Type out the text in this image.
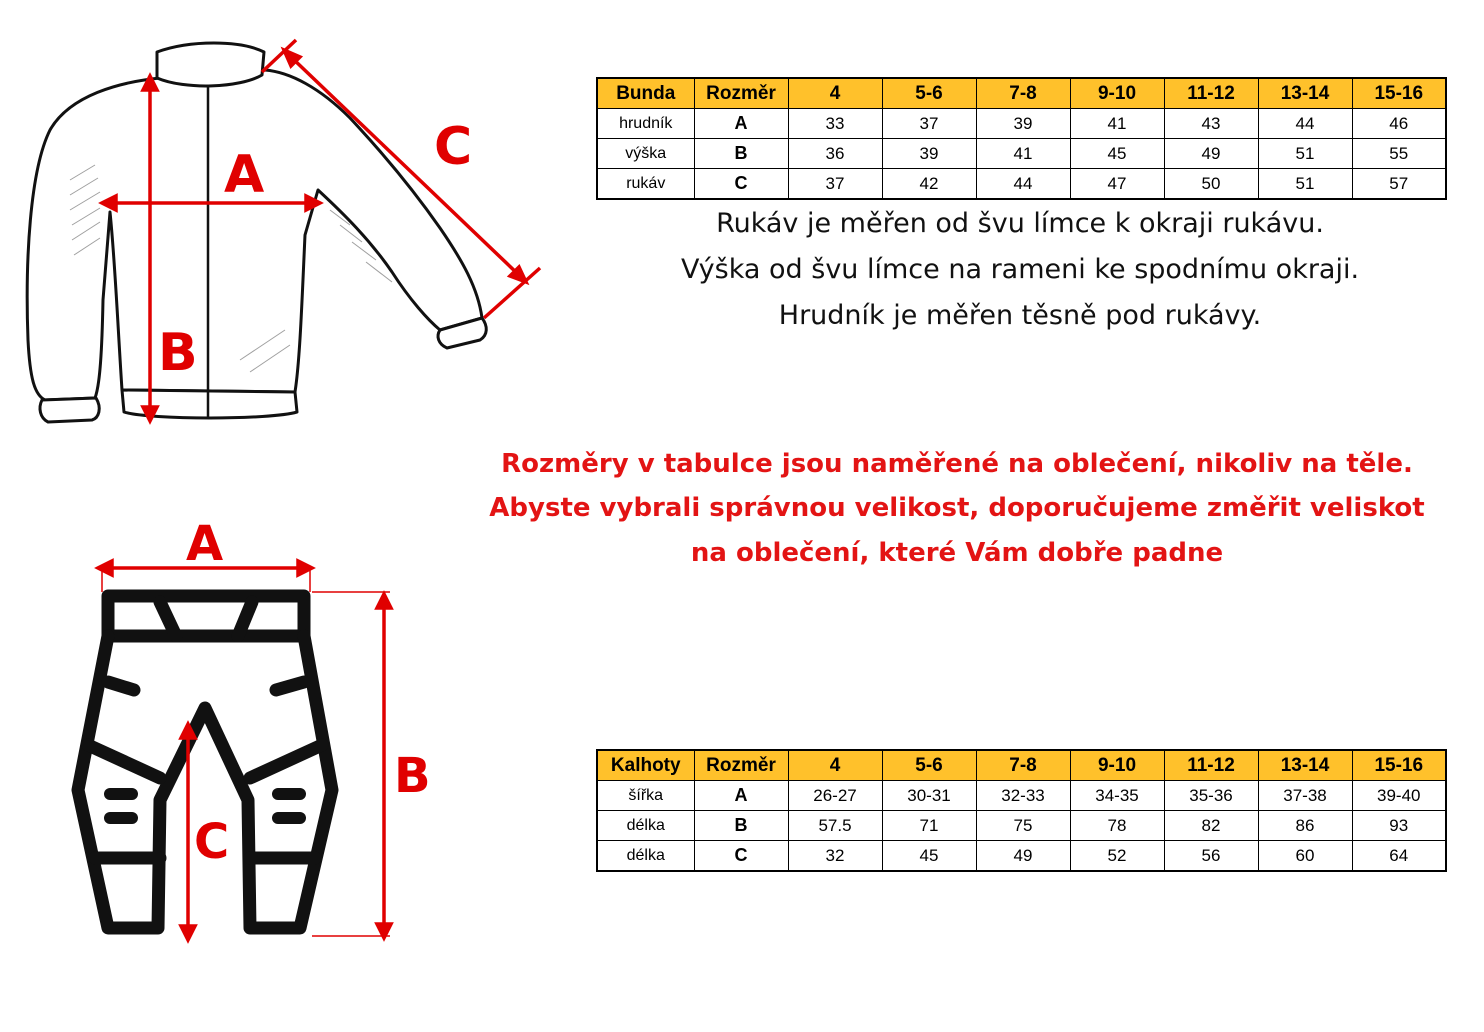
A
B
C
A
B
C
Bunda	Rozměr	4	5-6	7-8	9-10	11-12	13-14	15-16
hrudník	A	33	37	39	41	43	44	46
výška	B	36	39	41	45	49	51	55
rukáv	C	37	42	44	47	50	51	57
Rukáv je měřen od švu límce k okraji rukávu.
Výška od švu límce na rameni ke spodnímu okraji.
Hrudník je měřen těsně pod rukávy.
Rozměry v tabulce jsou naměřené na oblečení, nikoliv na těle.
Abyste vybrali správnou velikost, doporučujeme změřit veliskot
na oblečení, které Vám dobře padne
Kalhoty	Rozměr	4	5-6	7-8	9-10	11-12	13-14	15-16
šířka	A	26-27	30-31	32-33	34-35	35-36	37-38	39-40
délka	B	57.5	71	75	78	82	86	93
délka	C	32	45	49	52	56	60	64
